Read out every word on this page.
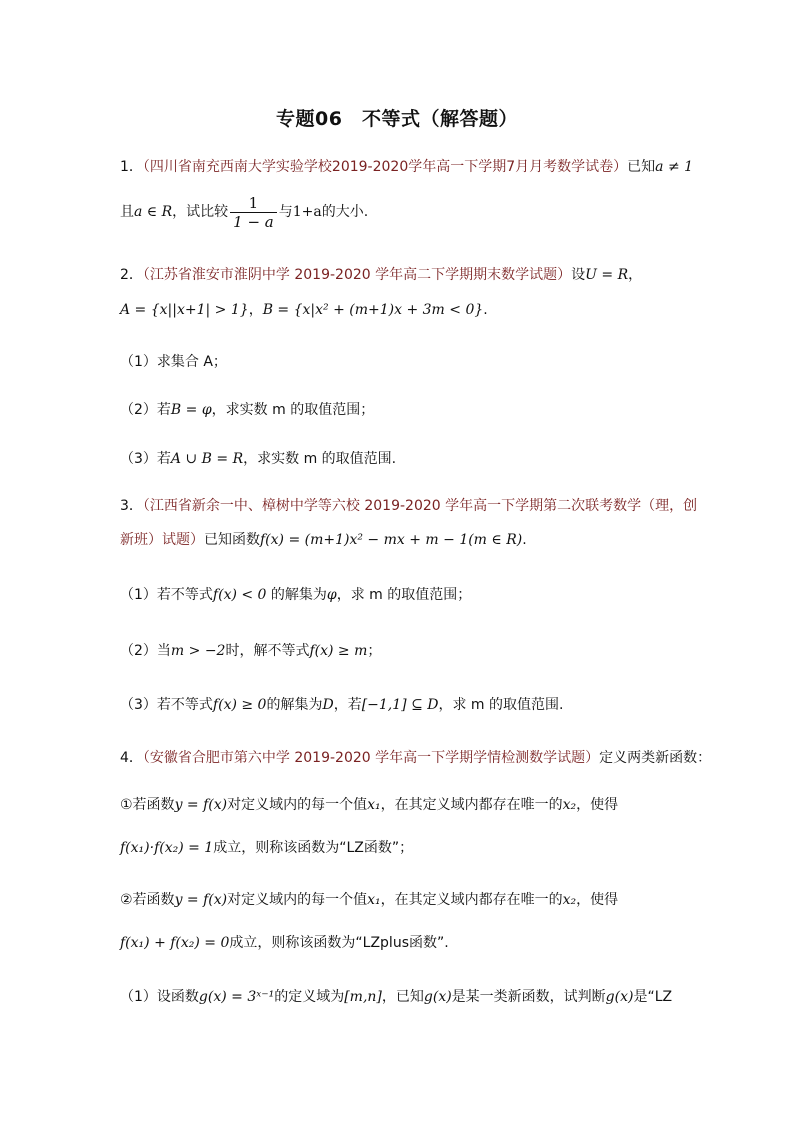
专题06　不等式（解答题）
1．（四川省南充西南大学实验学校2019-2020学年高一下学期7月月考数学试卷）已知a ≠ 1
且a ∈ R，试比较 $\frac{1}{1 - a}$ 与1+a的大小.
2．（江苏省淮安市淮阴中学 2019-2020 学年高二下学期期末数学试题）设U = R，
A = {x||x+1| > 1}，B = {x|x² + (m+1)x + 3m < 0}.
（1）求集合 A；
（2）若B = φ，求实数 m 的取值范围；
（3）若A ∪ B = R，求实数 m 的取值范围.
3．（江西省新余一中、樟树中学等六校 2019-2020 学年高一下学期第二次联考数学（理，创
新班）试题）已知函数f(x) = (m+1)x² − mx + m − 1(m ∈ R).
（1）若不等式f(x) < 0 的解集为φ，求 m 的取值范围；
（2）当m > −2时，解不等式f(x) ≥ m；
（3）若不等式f(x) ≥ 0的解集为D，若[−1,1] ⊆ D，求 m 的取值范围.
4．（安徽省合肥市第六中学 2019-2020 学年高一下学期学情检测数学试题）定义两类新函数：
①若函数y = f(x)对定义域内的每一个值x₁，在其定义域内都存在唯一的x₂，使得
f(x₁)·f(x₂) = 1成立，则称该函数为“LZ函数”；
②若函数y = f(x)对定义域内的每一个值x₁，在其定义域内都存在唯一的x₂，使得
f(x₁) + f(x₂) = 0成立，则称该函数为“LZplus函数”.
（1）设函数g(x) = 3ˣ⁻¹的定义域为[m,n]，已知g(x)是某一类新函数，试判断g(x)是“LZ
